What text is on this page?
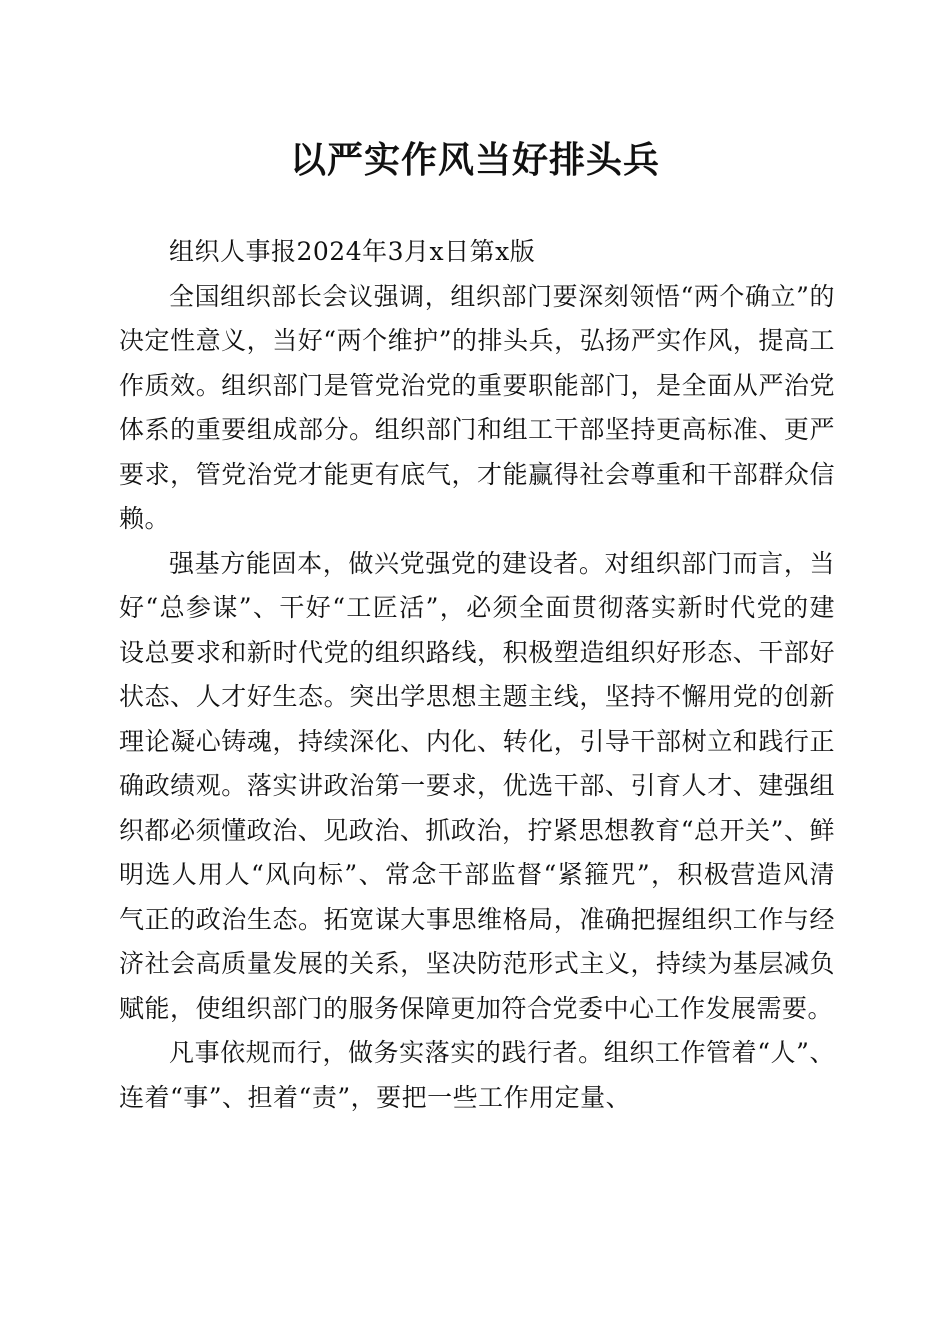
以严实作风当好排头兵

组织人事报2024年3月x日第x版

全国组织部长会议强调，组织部门要深刻领悟“两个确立”的决定性意义，当好“两个维护”的排头兵，弘扬严实作风，提高工作质效。组织部门是管党治党的重要职能部门，是全面从严治党体系的重要组成部分。组织部门和组工干部坚持更高标准、更严要求，管党治党才能更有底气，才能赢得社会尊重和干部群众信赖。

强基方能固本，做兴党强党的建设者。对组织部门而言，当好“总参谋”、干好“工匠活”，必须全面贯彻落实新时代党的建设总要求和新时代党的组织路线，积极塑造组织好形态、干部好状态、人才好生态。突出学思想主题主线，坚持不懈用党的创新理论凝心铸魂，持续深化、内化、转化，引导干部树立和践行正确政绩观。落实讲政治第一要求，优选干部、引育人才、建强组织都必须懂政治、见政治、抓政治，拧紧思想教育“总开关”、鲜明选人用人“风向标”、常念干部监督“紧箍咒”，积极营造风清气正的政治生态。拓宽谋大事思维格局，准确把握组织工作与经济社会高质量发展的关系，坚决防范形式主义，持续为基层减负赋能，使组织部门的服务保障更加符合党委中心工作发展需要。

凡事依规而行，做务实落实的践行者。组织工作管着“人”、连着“事”、担着“责”，要把一些工作用定量、
